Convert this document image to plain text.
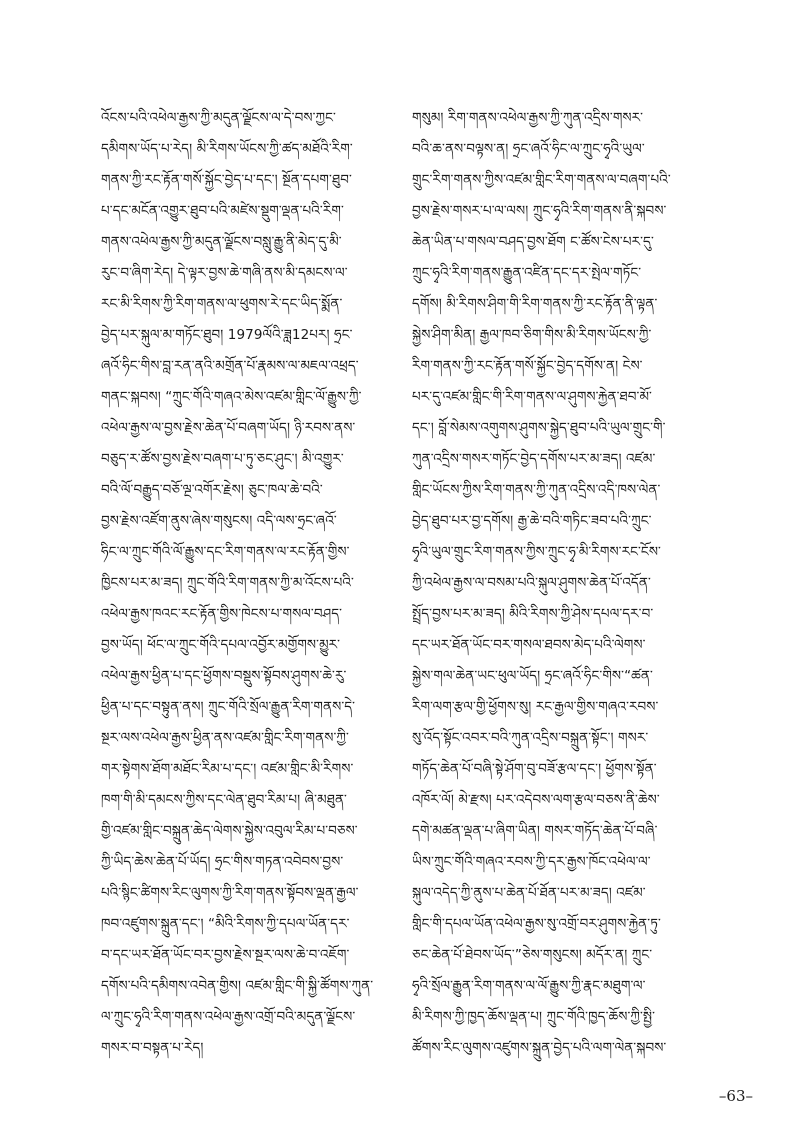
འོངས་པའི་འཕེལ་རྒྱས་ཀྱི་མདུན་ལྗོངས་ལ་དེ་བས་ཀྱང་
དམིགས་ཡོད་པ་རེད། མི་རིགས་ཡོངས་ཀྱི་ཚད་མཐོའི་རིག་
གནས་ཀྱི་རང་རྟོན་གསོ་སྐྱོང་བྱེད་པ་དང་། སྔོན་དཔག་ཐུབ་
པ་དང་མངོན་འགྱུར་ཐུབ་པའི་མཛེས་སྡུག་ལྡན་པའི་རིག་
གནས་འཕེལ་རྒྱས་ཀྱི་མདུན་ལྗོངས་བསླུ་རྒྱུ་ནི་མེད་དུ་མི་
རུང་བ་ཞིག་རེད། དེ་ལྟར་བྱས་ཆེ་གཞི་ནས་མི་དམངས་ལ་
རང་མི་རིགས་ཀྱི་རིག་གནས་ལ་ཕུགས་རེ་དང་ཡིད་སྨོན་
བྱེད་པར་སྐུལ་མ་གཏོང་ཐུབ། 1979ལོའི་ཟླ12པར། ཧྲང་
ཞའོ་ཧིང་གིས་བླ་རན་ནའི་མགྲོན་པོ་རྣམས་ལ་མཇལ་འཕྲད་
གནང་སྐབས། “ཀྲུང་གོའི་གཞའ་མེས་འཛམ་གླིང་ལོ་རྒྱུས་ཀྱི་
འཕེལ་རྒྱས་ལ་བྱས་རྗེས་ཆེན་པོ་བཞག་ཡོད། ཉི་རབས་ནས་
བཅུད་ར་ཚོས་བྱས་རྗེས་བཞག་པ་ཏུ་ཅང་ཤུང་། མི་འགྱུར་
བའི་ལོ་བརྒྱུད་བཅོ་ལྔ་འགོར་རྗེས། ཅུང་ཁལ་ཆེ་བའི་
བྱས་རྗེས་འཛོག་ནུས་ཞེས་གསུངས། འདི་ལས་ཧྲང་ཞའོ་
ཧིང་ལ་ཀྲུང་གོའི་ལོ་རྒྱུས་དང་རིག་གནས་ལ་རང་རྟོན་གྱིས་
ཁྱིངས་པར་མ་ཟད། ཀྲུང་གོའི་རིག་གནས་ཀྱི་མ་འོངས་པའི་
འཕེལ་རྒྱས་ཁའང་རང་རྟོན་གྱིས་ཁེངས་པ་གསལ་བཤད་
བྱས་ཡོད། ཕོང་ལ་ཀྲུང་གོའི་དཔལ་འབྱོར་མགྱོགས་མྱུར་
འཕེལ་རྒྱས་ཕྱིན་པ་དང་ཕྱོགས་བསྡུས་སྟོབས་ཤུགས་ཆེ་རུ་
ཕྱིན་པ་དང་བསྟུན་ནས། ཀྲུང་གོའི་སྲོལ་རྒྱུན་རིག་གནས་དེ་
སྔར་ལས་འཕེལ་རྒྱས་ཕྱིན་ནས་འཛམ་གླིང་རིག་གནས་ཀྱི་
གར་སྟེགས་ཐོག་མཐོང་རིམ་པ་དང་། འཛམ་གླིང་མི་རིགས་
ཁག་གི་མི་དམངས་ཀྱིས་དང་ལེན་ཐུབ་རིམ་པ། ཞི་མཐུན་
གྱི་འཛམ་གླིང་བསྐྲུན་ཆེད་ལེགས་སྐྱེས་འབུལ་རིམ་པ་བཅས་
ཀྱི་ཡིད་ཆེས་ཆེན་པོ་ཡོད། ཧྲང་གིས་གཏན་འབེབས་བྱས་
པའི་སྙིང་ཚིགས་རིང་ལུགས་ཀྱི་རིག་གནས་སྟོབས་ལྡན་རྒྱལ་
ཁབ་འཛུགས་སྐྲུན་དང་། “མིའི་རིགས་ཀྱི་དཔལ་ཡོན་དར་
བ་དང་ཡར་ཐོན་ཡོང་བར་བྱས་རྗེས་སྔར་ལས་ཆེ་བ་འཇོག་
དགོས་པའི་དམིགས་འབེན་གྱིས། འཛམ་གླིང་གི་སྐྱི་ཚོགས་ཀུན་
ལ་ཀྲུང་ཧྭའི་རིག་གནས་འཕེལ་རྒྱས་འགྲོ་བའི་མདུན་ལྗོངས་
གསར་བ་བསྟན་པ་རེད།
གསུམ། རིག་གནས་འཕེལ་རྒྱས་ཀྱི་ཀུན་འདྲིས་གསར་
བའི་ཆ་ནས་བལྟས་ན། ཧྲང་ཞའོ་ཧིང་ལ་ཀྲུང་ཧྭའི་ཡུལ་
གྲུང་རིག་གནས་ཀྱིས་འཛམ་གླིང་རིག་གནས་ལ་བཞག་པའི་
བྱས་རྗེས་གསར་པ་ལ་ལས། ཀྲུང་ཧྭའི་རིག་གནས་ནི་སྐབས་
ཆེན་ཡིན་པ་གསལ་བཤད་བྱས་ཐོག ང་ཚོས་ངེས་པར་དུ་
ཀྲུང་ཧྭའི་རིག་གནས་རྒྱུན་འཛིན་དང་དར་སྤེལ་གཏོང་
དགོས། མི་རིགས་ཤིག་གི་རིག་གནས་ཀྱི་རང་རྟོན་ནི་ལྟན་
སྐྱེས་ཤིག་མིན། རྒྱལ་ཁབ་ཅིག་གིས་མི་རིགས་ཡོངས་ཀྱི་
རིག་གནས་ཀྱི་རང་རྟོན་གསོ་སྐྱོང་བྱེད་དགོས་ན། ངེས་
པར་དུ་འཛམ་གླིང་གི་རིག་གནས་ལ་ཤུགས་རྐྱེན་ཐབ་མོ་
དང་། བློ་སེམས་འགུགས་ཤུགས་སྐྱེད་ཐུབ་པའི་ཡུལ་གྲུང་གི་
ཀུན་འདྲིས་གསར་གཏོང་བྱེད་དགོས་པར་མ་ཟད། འཛམ་
གླིང་ཡོངས་ཀྱིས་རིག་གནས་ཀྱི་ཀུན་འདྲིས་འདི་ཁས་ལེན་
བྱེད་ཐུབ་པར་བྱ་དགོས། རྒྱ་ཆེ་བའི་གཏིང་ཟབ་པའི་ཀྲུང་
ཧྭའི་ཡུལ་གྲུང་རིག་གནས་ཀྱིས་ཀྲུང་ཧྭ་མི་རིགས་རང་ངོས་
ཀྱི་འཕེལ་རྒྱས་ལ་བསམ་པའི་སྐུལ་ཤུགས་ཆེན་པོ་འདོན་
སྤྲོད་བྱས་པར་མ་ཟད། མིའི་རིགས་ཀྱི་ཤེས་དཔལ་དར་བ་
དང་ཡར་ཐོན་ཡོང་བར་གསལ་ཐབས་མེད་པའི་ལེགས་
སྐྱེས་གལ་ཆེན་ཡང་ཕུལ་ཡོད། ཧྲང་ཞའོ་ཧིང་གིས་“ཚན་
རིག་ལག་རྩལ་གྱི་ཕྱོགས་སུ། རང་རྒྱལ་གྱིས་གཞའ་རབས་
སུ་འོད་སྟོང་འབར་བའི་ཀུན་འདྲིས་བསྐྲུན་སྟོང་། གསར་
གཏོད་ཆེན་པོ་བཞི་སྟེ་ཤོག་བུ་བཟོ་རྩལ་དང་། ཕྱོགས་སྟོན་
འཁོར་ལོ། མེ་རྫས། པར་འདེབས་ལག་རྩལ་བཅས་ནི་ཆེས་
དགེ་མཚན་ལྡན་པ་ཞིག་ཡིན། གསར་གཏོད་ཆེན་པོ་བཞི་
ཡིས་ཀྲུང་གོའི་གཞའ་རབས་ཀྱི་དར་རྒྱས་ཁོང་འཕེལ་ལ་
སྐུལ་འདེད་ཀྱི་ནུས་པ་ཆེན་པོ་ཐོན་པར་མ་ཟད། འཛམ་
གླིང་གི་དཔལ་ཡོན་འཕེལ་རྒྱས་སུ་འགྲོ་བར་ཤུགས་རྐྱེན་ཏུ་
ཅང་ཆེན་པོ་ཐེབས་ཡོད་”ཅེས་གསུངས། མདོར་ན། ཀྲུང་
ཧྭའི་སྲོལ་རྒྱུན་རིག་གནས་ལ་ལོ་རྒྱུས་ཀྱི་རྣང་མཐུག་ལ་
མི་རིགས་ཀྱི་ཁྱད་ཆོས་ལྡན་པ། ཀྲུང་གོའི་ཁྱད་ཆོས་ཀྱི་སྤྱི་
ཚོགས་རིང་ལུགས་འཛུགས་སྐྲུན་བྱེད་པའི་ལག་ལེན་སྐབས་
–63–
